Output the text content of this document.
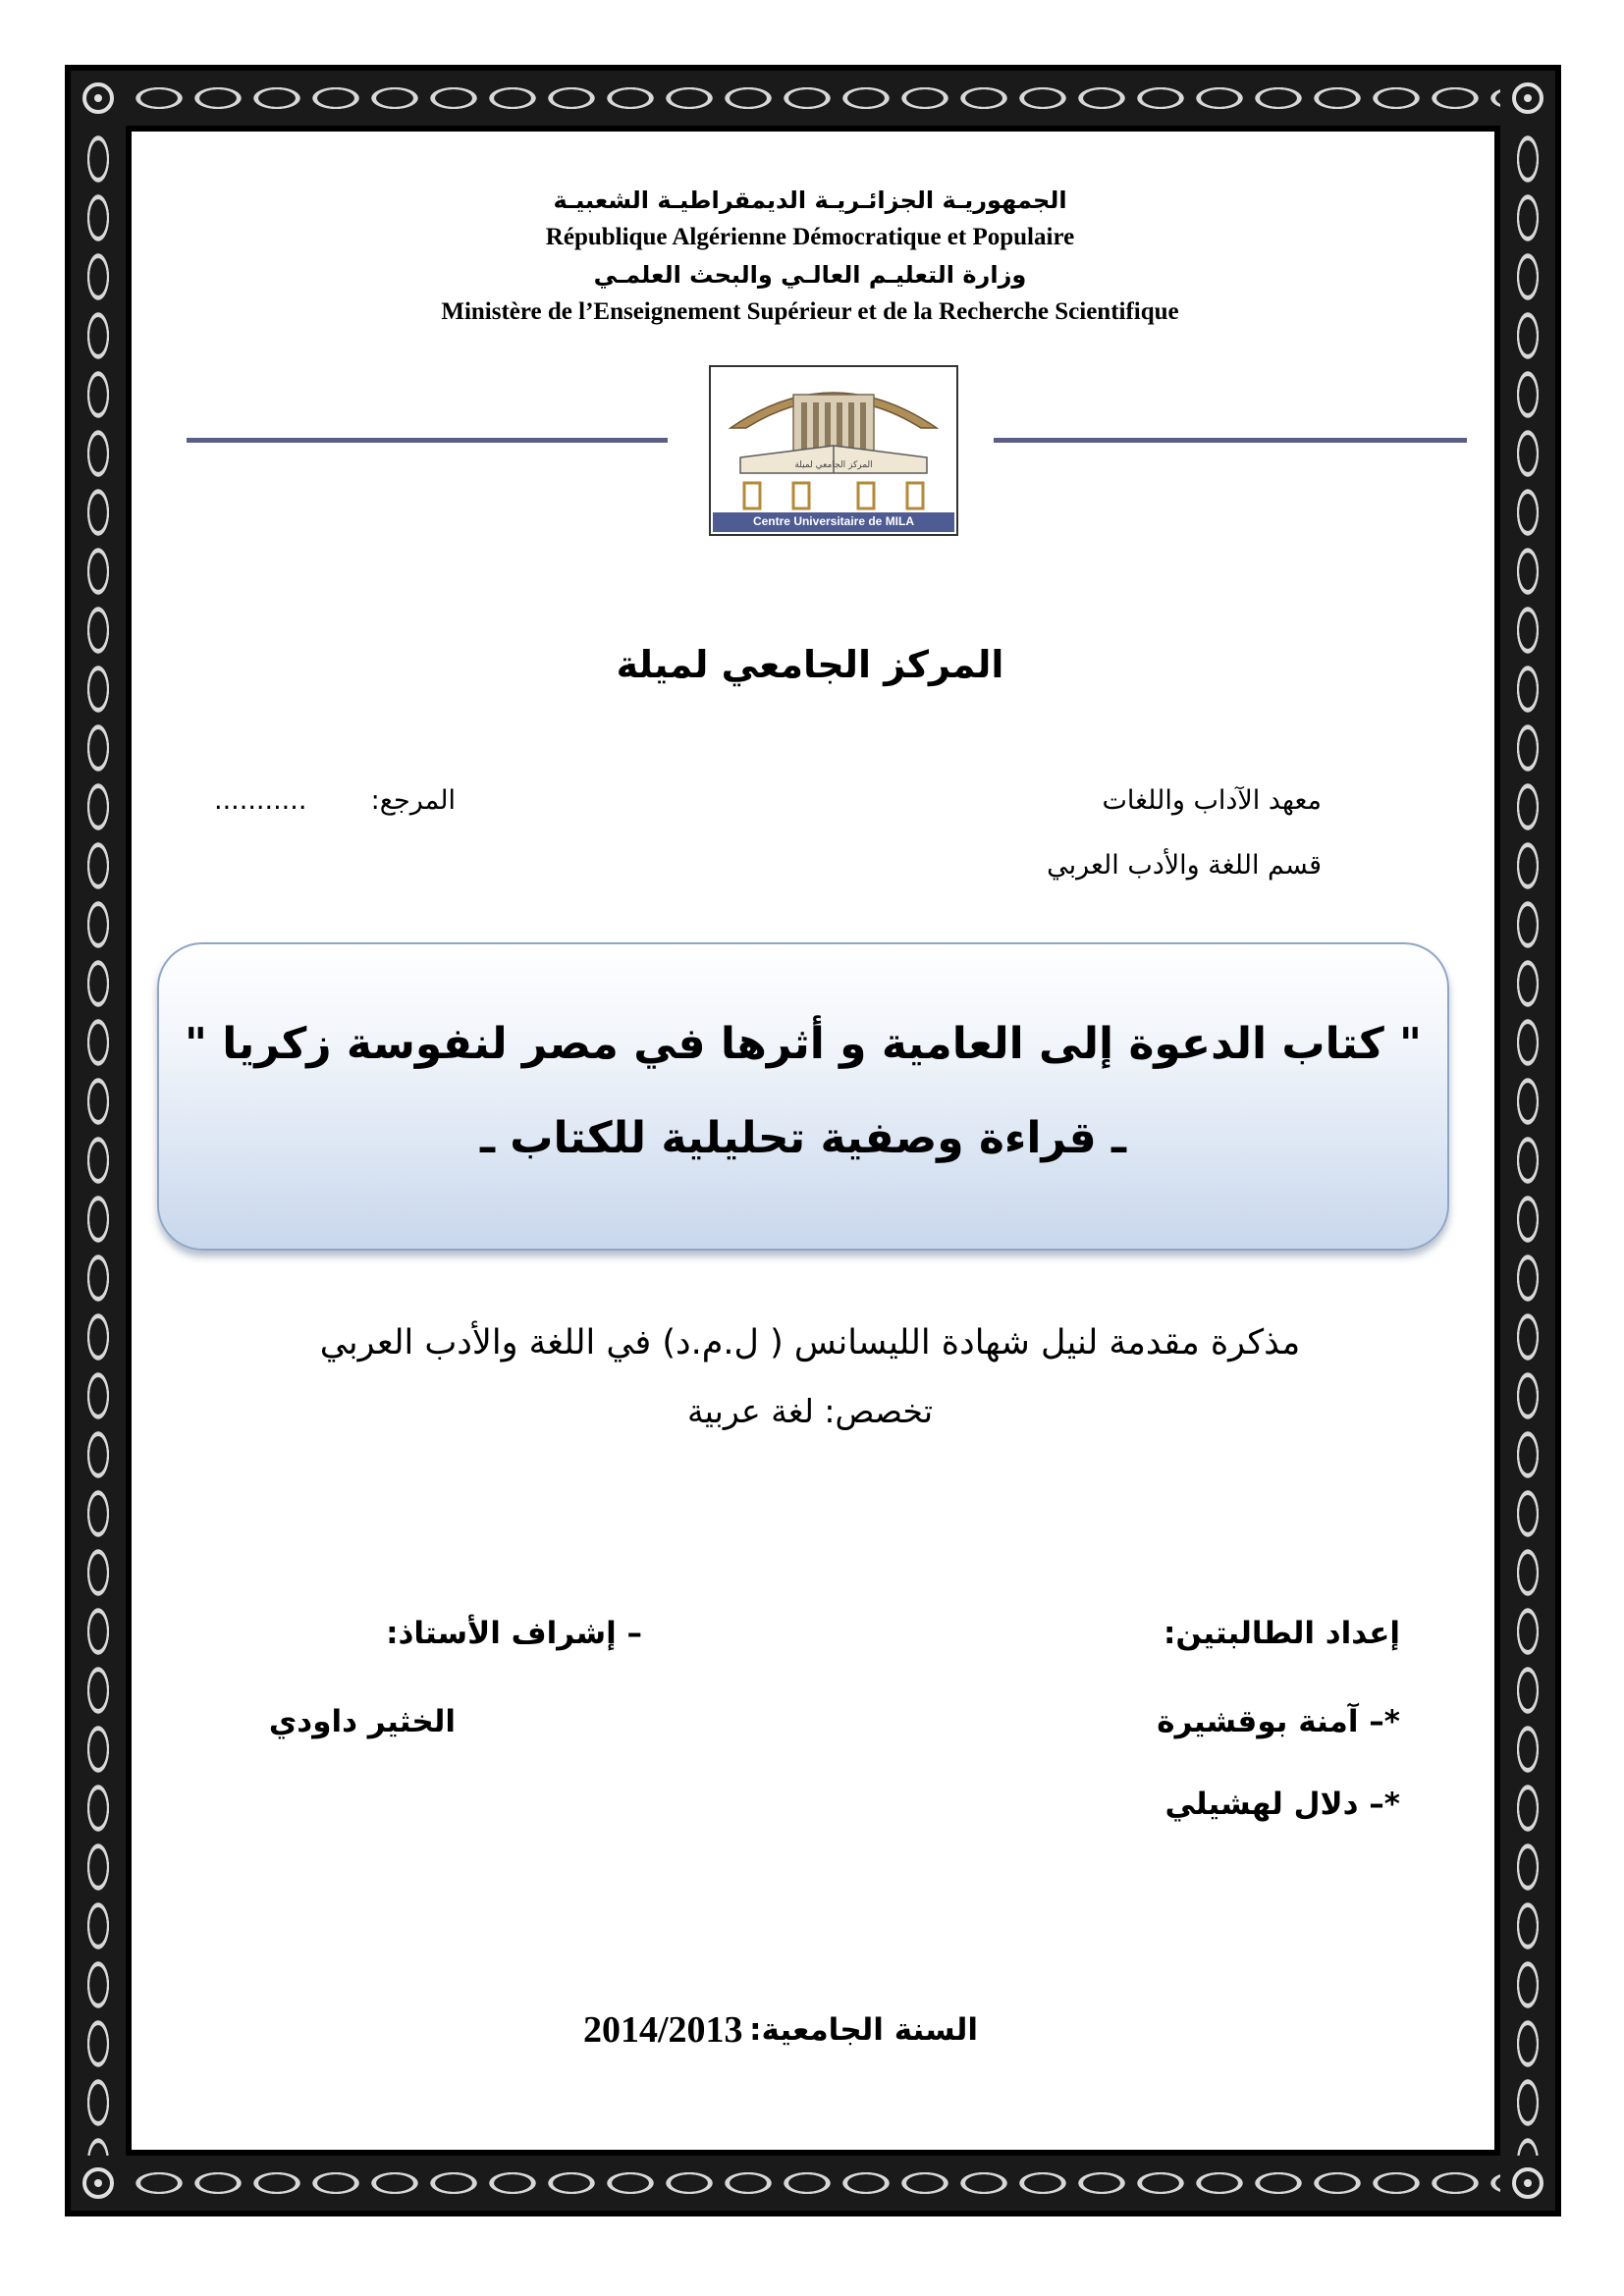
الجمهوريـة الجزائـريـة الديمقراطيـة الشعبيـة
République Algérienne Démocratique et Populaire
وزارة التعليـم العالـي والبحث العلمـي
Ministère de l’Enseignement Supérieur et de la Recherche Scientifique
المركز الجامعي لميلة
Centre Universitaire de MILA
المركز الجامعي لميلة
معهد الآداب واللغات
قسم اللغة والأدب العربي
المرجع:
...........
" كتاب الدعوة إلى العامية و أثرها في مصر لنفوسة زكريا "
ـ قراءة وصفية تحليلية للكتاب ـ
مذكرة مقدمة لنيل شهادة الليسانس ( ل.م.د) في اللغة والأدب العربي
تخصص: لغة عربية
إعداد الطالبتين:
*– آمنة بوقشيرة
*– دلال لهشيلي
– إشراف الأستاذ:
الخثير داودي
السنة الجامعية:
2014/2013
